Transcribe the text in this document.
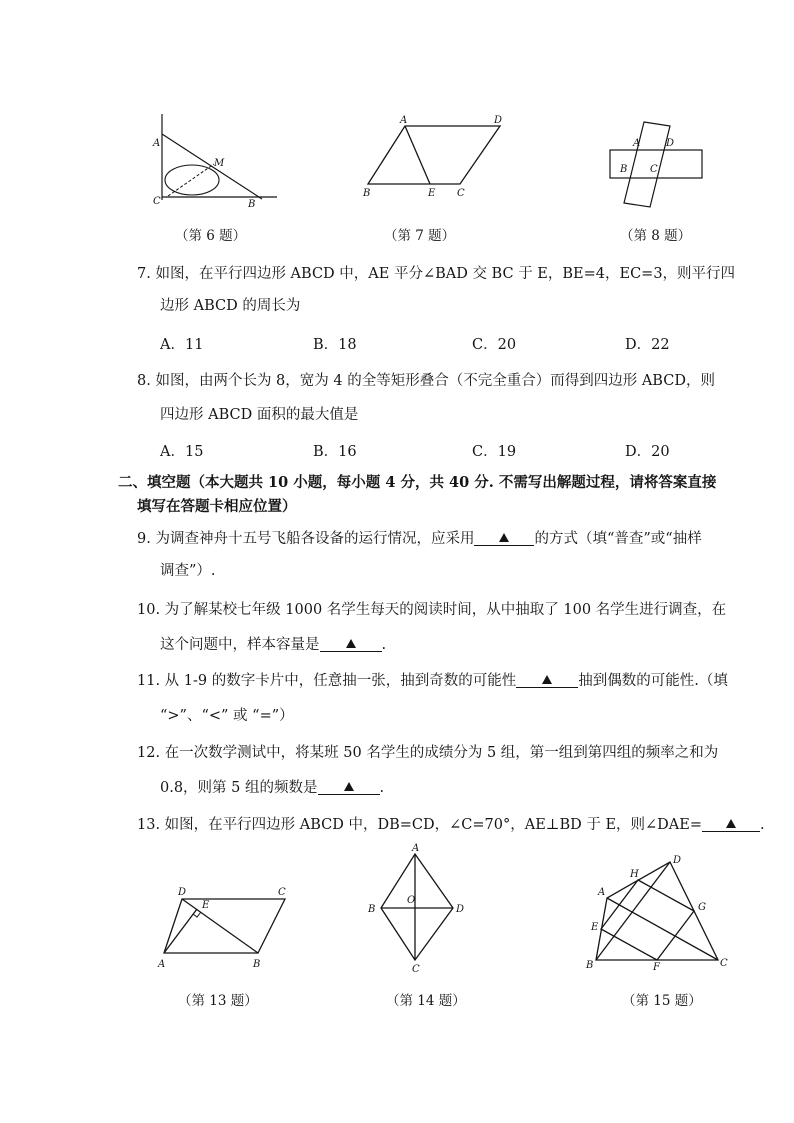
A
M
C	B
（第 6 题）
A	D
B	E C
（第 7 题）
A	D
B C
（第 8 题）
7. 如图，在平行四边形 ABCD 中，AE 平分∠BAD 交 BC 于 E，BE=4，EC=3，则平行四
边形 ABCD 的周长为
A．11	B．18	C．20	D．22
8. 如图，由两个长为 8，宽为 4 的全等矩形叠合（不完全重合）而得到四边形 ABCD，则
四边形 ABCD 面积的最大值是
A．15	B．16	C．19	D．20
二、填空题（本大题共 10 小题，每小题 4 分，共 40 分. 不需写出解题过程，请将答案直接
填写在答题卡相应位置）
9. 为调查神舟十五号飞船各设备的运行情况，应采用	的方式（填“普查”或“抽样
调查”）.
10. 为了解某校七年级 1000 名学生每天的阅读时间，从中抽取了 100 名学生进行调查，在
这个问题中，样本容量是	.
11. 从 1-9 的数字卡片中，任意抽一张，抽到奇数的可能性	抽到偶数的可能性.（填
“>”、“<” 或 “=”）
12. 在一次数学测试中，将某班 50 名学生的成绩分为 5 组，第一组到第四组的频率之和为
0.8，则第 5 组的频数是	.
13. 如图，在平行四边形 ABCD 中，DB=CD，∠C=70°，AE⊥BD 于 E，则∠DAE=	.
D
E
C
A	B
（第 13 题）
A
B
O
D
C
（第 14 题）
D
H
A
G
E
B	F	C
（第 15 题）
